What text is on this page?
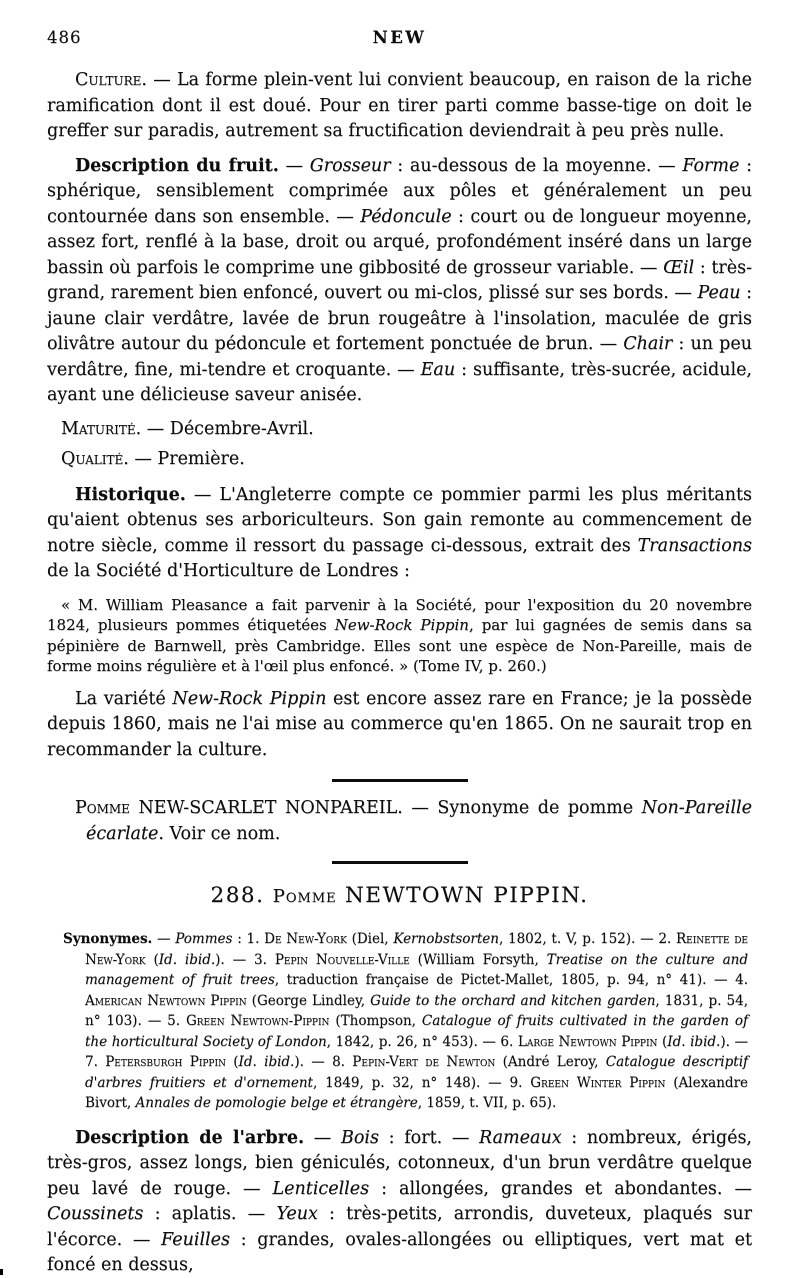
486	NEW

Culture. — La forme plein-vent lui convient beaucoup, en raison de la riche ramification dont il est doué. Pour en tirer parti comme basse-tige on doit le greffer sur paradis, autrement sa fructification deviendrait à peu près nulle.

Description du fruit. — Grosseur : au-dessous de la moyenne. — Forme : sphérique, sensiblement comprimée aux pôles et généralement un peu contournée dans son ensemble. — Pédoncule : court ou de longueur moyenne, assez fort, renflé à la base, droit ou arqué, profondément inséré dans un large bassin où parfois le comprime une gibbosité de grosseur variable. — Œil : très-grand, rarement bien enfoncé, ouvert ou mi-clos, plissé sur ses bords. — Peau : jaune clair verdâtre, lavée de brun rougeâtre à l'insolation, maculée de gris olivâtre autour du pédoncule et fortement ponctuée de brun. — Chair : un peu verdâtre, fine, mi-tendre et croquante. — Eau : suffisante, très-sucrée, acidule, ayant une délicieuse saveur anisée.

Maturité. — Décembre-Avril.

Qualité. — Première.

Historique. — L'Angleterre compte ce pommier parmi les plus méritants qu'aient obtenus ses arboriculteurs. Son gain remonte au commencement de notre siècle, comme il ressort du passage ci-dessous, extrait des Transactions de la Société d'Horticulture de Londres :

« M. William Pleasance a fait parvenir à la Société, pour l'exposition du 20 novembre 1824, plusieurs pommes étiquetées New-Rock Pippin, par lui gagnées de semis dans sa pépinière de Barnwell, près Cambridge. Elles sont une espèce de Non-Pareille, mais de forme moins régulière et à l'œil plus enfoncé. » (Tome IV, p. 260.)

La variété New-Rock Pippin est encore assez rare en France; je la possède depuis 1860, mais ne l'ai mise au commerce qu'en 1865. On ne saurait trop en recommander la culture.

Pomme NEW-SCARLET NONPAREIL. — Synonyme de pomme Non-Pareille écarlate. Voir ce nom.

288. Pomme NEWTOWN PIPPIN.

Synonymes. — Pommes : 1. De New-York (Diel, Kernobstsorten, 1802, t. V, p. 152). — 2. Reinette de New-York (Id. ibid.). — 3. Pepin Nouvelle-Ville (William Forsyth, Treatise on the culture and management of fruit trees, traduction française de Pictet-Mallet, 1805, p. 94, n° 41). — 4. American Newtown Pippin (George Lindley, Guide to the orchard and kitchen garden, 1831, p. 54, n° 103). — 5. Green Newtown-Pippin (Thompson, Catalogue of fruits cultivated in the garden of the horticultural Society of London, 1842, p. 26, n° 453). — 6. Large Newtown Pippin (Id. ibid.). — 7. Petersburgh Pippin (Id. ibid.). — 8. Pepin-Vert de Newton (André Leroy, Catalogue descriptif d'arbres fruitiers et d'ornement, 1849, p. 32, n° 148). — 9. Green Winter Pippin (Alexandre Bivort, Annales de pomologie belge et étrangère, 1859, t. VII, p. 65).

Description de l'arbre. — Bois : fort. — Rameaux : nombreux, érigés, très-gros, assez longs, bien géniculés, cotonneux, d'un brun verdâtre quelque peu lavé de rouge. — Lenticelles : allongées, grandes et abondantes. — Coussinets : aplatis. — Yeux : très-petits, arrondis, duveteux, plaqués sur l'écorce. — Feuilles : grandes, ovales-allongées ou elliptiques, vert mat et foncé en dessus,
